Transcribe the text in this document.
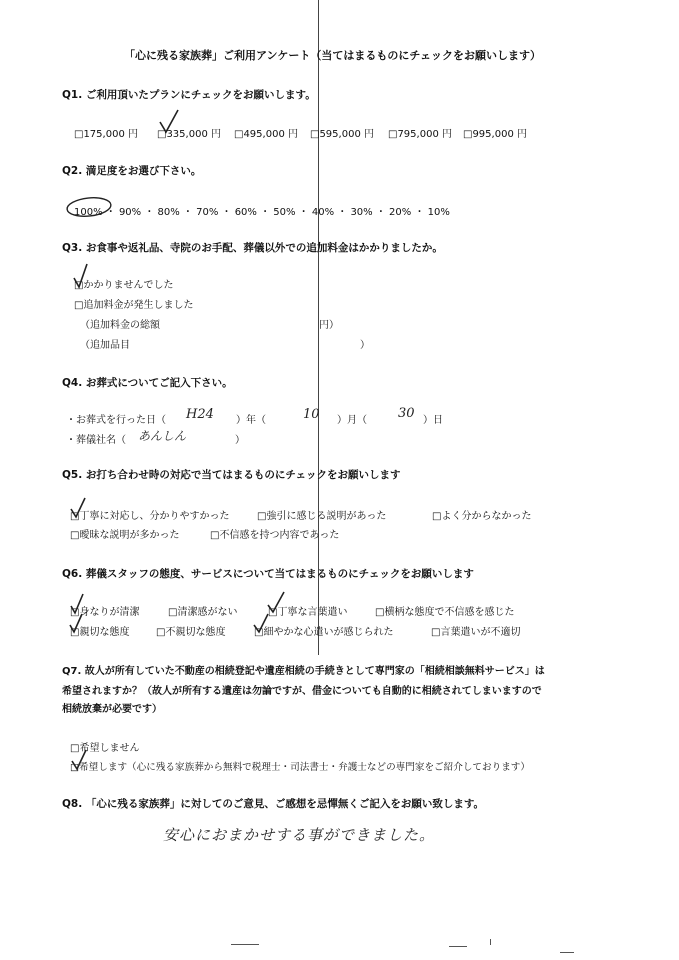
「心に残る家族葬」ご利用アンケート（当てはまるものにチェックをお願いします）
Q1. ご利用頂いたプランにチェックをお願いします。
□175,000 円 □335,000 円 □495,000 円 □595,000 円 □795,000 円 □995,000 円
Q2. 満足度をお選び下さい。
100% ・ 90% ・ 80% ・ 70% ・ 60% ・ 50% ・ 40% ・ 30% ・ 20% ・ 10%
Q3. お食事や返礼品、寺院のお手配、葬儀以外での追加料金はかかりましたか。
□かかりませんでした
□追加料金が発生しました
（追加料金の総額	円）
（追加品目	）
Q4. お葬式についてご記入下さい。
・お葬式を行った日（ H24 ）年（	10 ）月（ 30 ）日
・葬儀社名（ あんしん	）
Q5. お打ち合わせ時の対応で当てはまるものにチェックをお願いします
□丁寧に対応し、分かりやすかった	□強引に感じる説明があった	□よく分からなかった
□曖昧な説明が多かった	□不信感を持つ内容であった
Q6. 葬儀スタッフの態度、サービスについて当てはまるものにチェックをお願いします
□身なりが清潔	□清潔感がない	□丁寧な言葉遣い	□横柄な態度で不信感を感じた
□親切な態度	□不親切な態度	□細やかな心遣いが感じられた	□言葉遣いが不適切
Q7. 故人が所有していた不動産の相続登記や遺産相続の手続きとして専門家の「相続相談無料サービス」は
希望されますか？（故人が所有する遺産は勿論ですが、借金についても自動的に相続されてしまいますので
相続放棄が必要です）
□希望しません
□希望します（心に残る家族葬から無料で税理士・司法書士・弁護士などの専門家をご紹介しております）
Q8. 「心に残る家族葬」に対してのご意見、ご感想を忌憚無くご記入をお願い致します。
安心におまかせする事ができました。
